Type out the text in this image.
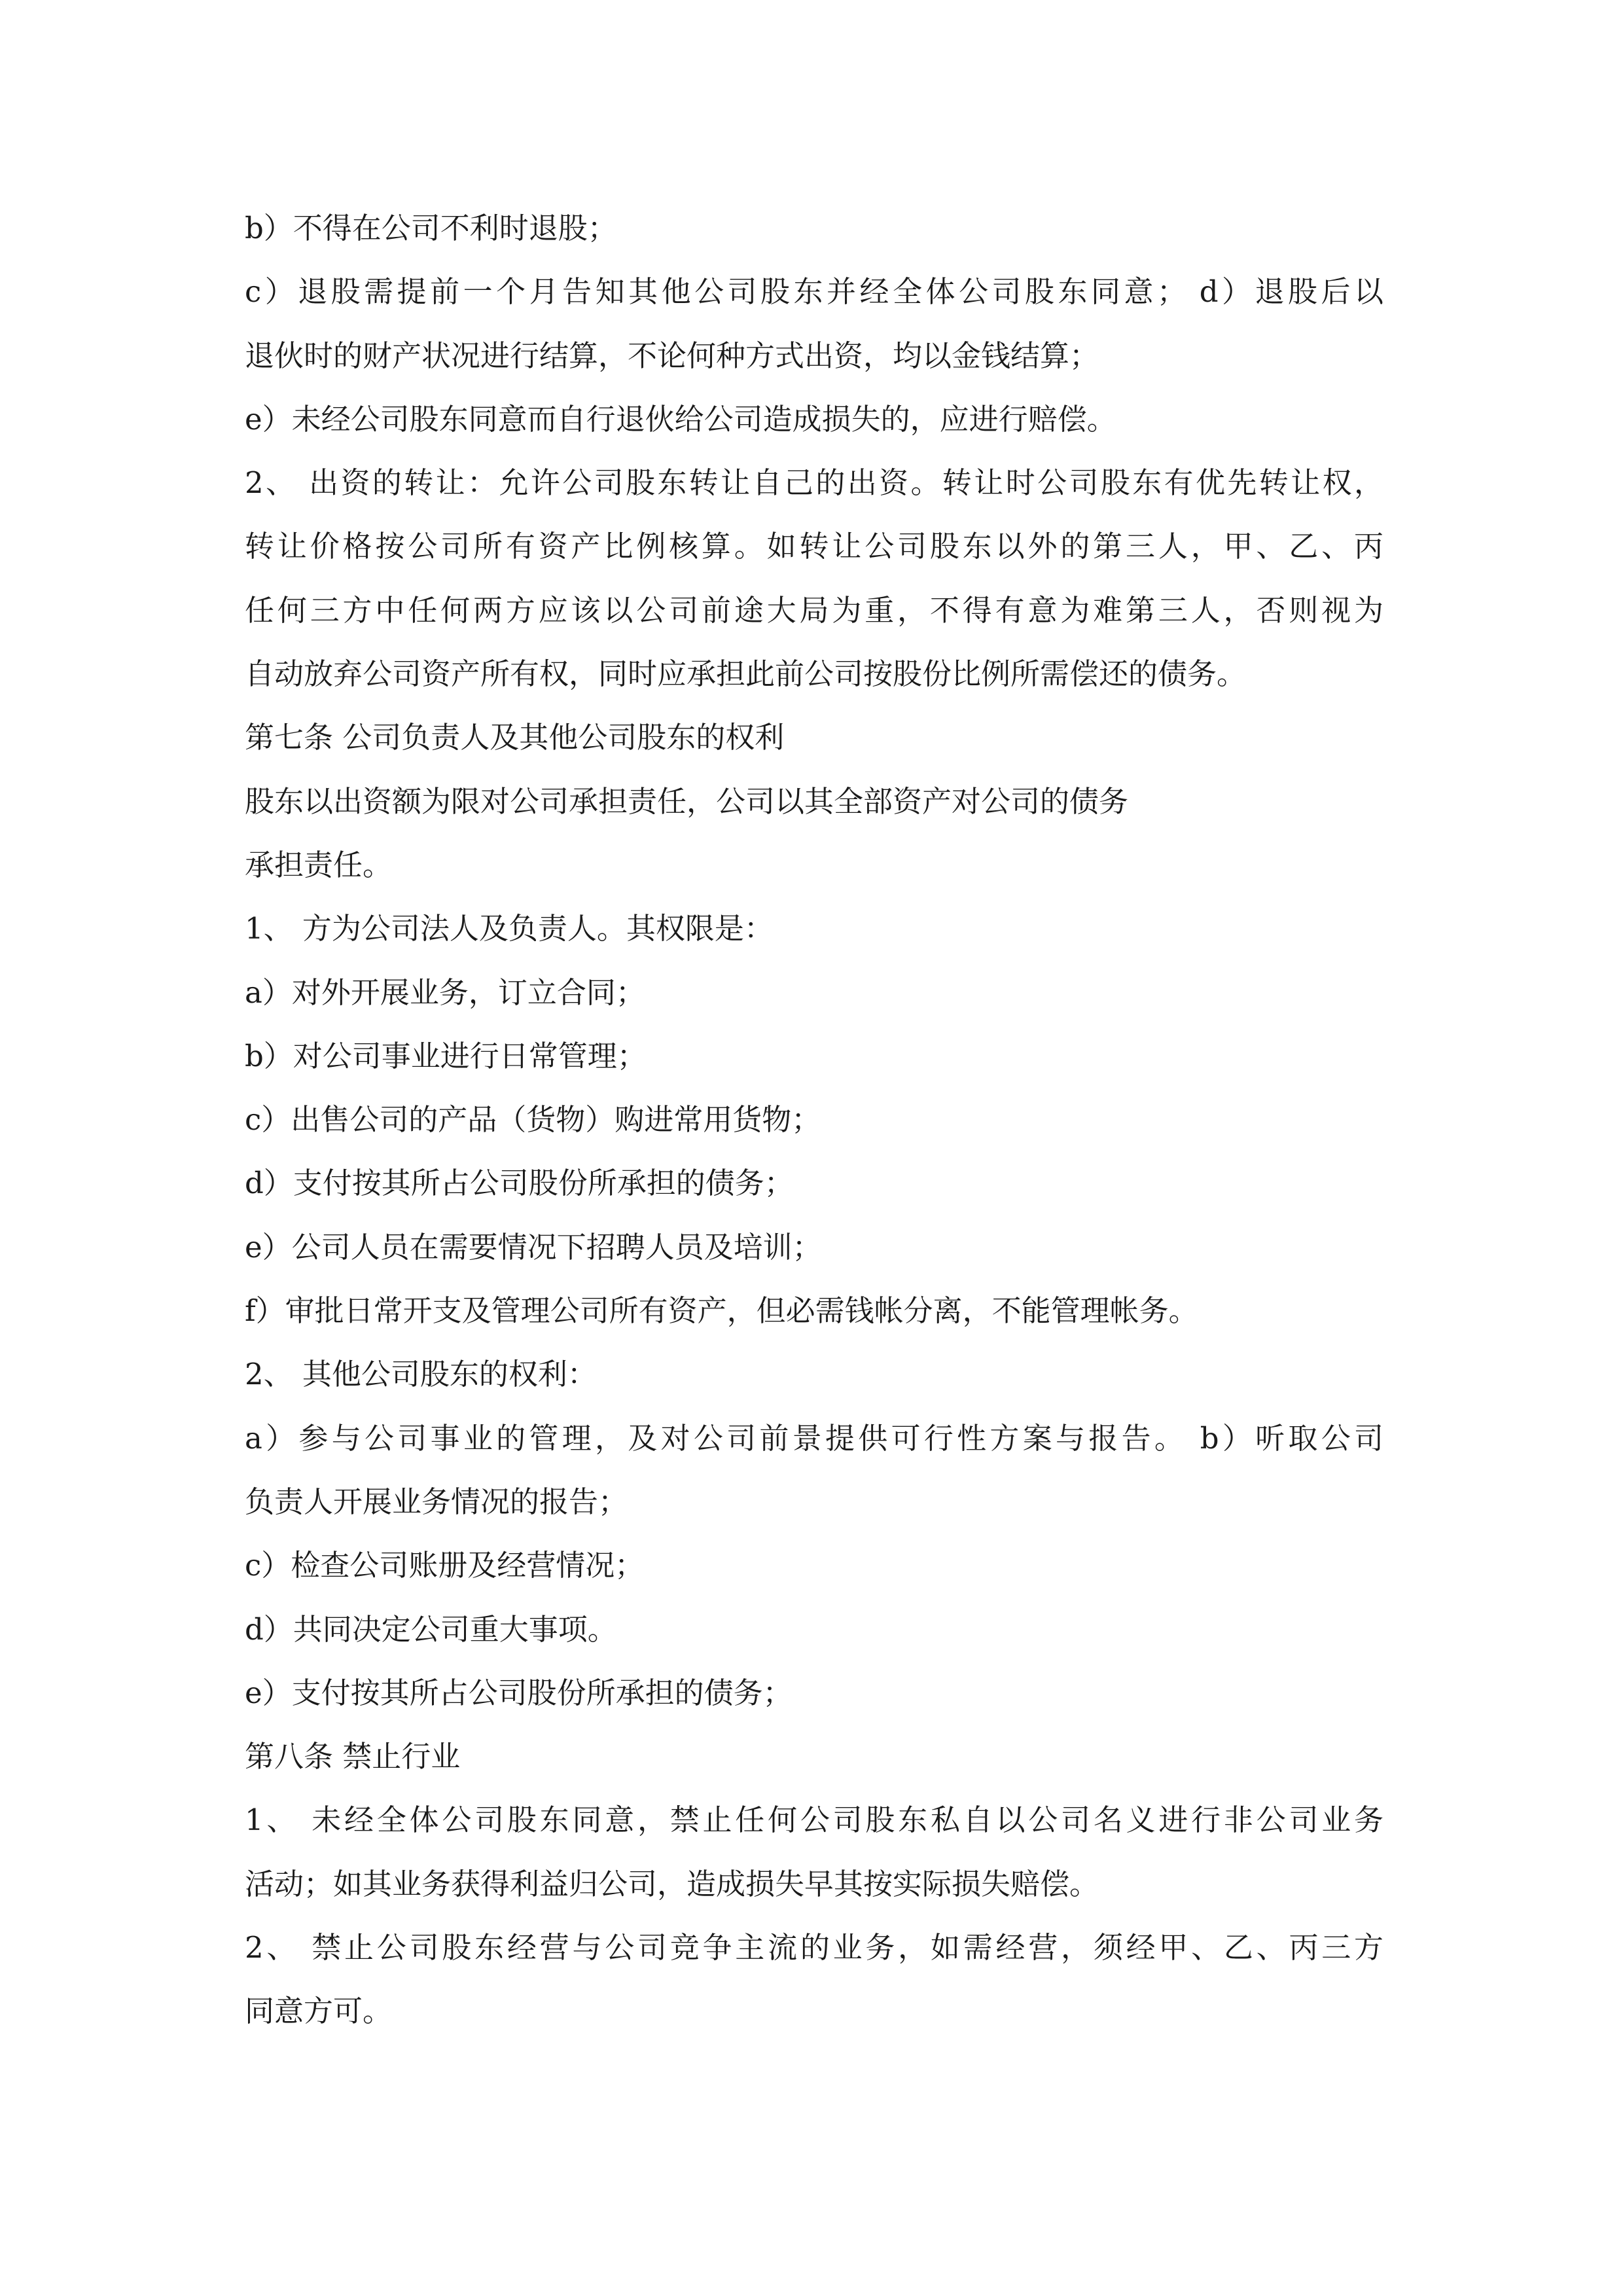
b）不得在公司不利时退股；
c）退股需提前一个月告知其他公司股东并经全体公司股东同意； d）退股后以
退伙时的财产状况进行结算，不论何种方式出资，均以金钱结算；
e）未经公司股东同意而自行退伙给公司造成损失的，应进行赔偿。
2、 出资的转让：允许公司股东转让自己的出资。转让时公司股东有优先转让权，
转让价格按公司所有资产比例核算。如转让公司股东以外的第三人，甲、乙、丙
任何三方中任何两方应该以公司前途大局为重，不得有意为难第三人，否则视为
自动放弃公司资产所有权，同时应承担此前公司按股份比例所需偿还的债务。
第七条 公司负责人及其他公司股东的权利
股东以出资额为限对公司承担责任，公司以其全部资产对公司的债务
承担责任。
1、 方为公司法人及负责人。其权限是：
a）对外开展业务，订立合同；
b）对公司事业进行日常管理；
c）出售公司的产品（货物）购进常用货物；
d）支付按其所占公司股份所承担的债务；
e）公司人员在需要情况下招聘人员及培训；
f）审批日常开支及管理公司所有资产，但必需钱帐分离，不能管理帐务。
2、 其他公司股东的权利：
a）参与公司事业的管理，及对公司前景提供可行性方案与报告。 b）听取公司
负责人开展业务情况的报告；
c）检查公司账册及经营情况；
d）共同决定公司重大事项。
e）支付按其所占公司股份所承担的债务；
第八条 禁止行业
1、 未经全体公司股东同意，禁止任何公司股东私自以公司名义进行非公司业务
活动；如其业务获得利益归公司，造成损失早其按实际损失赔偿。
2、 禁止公司股东经营与公司竞争主流的业务，如需经营，须经甲、乙、丙三方
同意方可。
